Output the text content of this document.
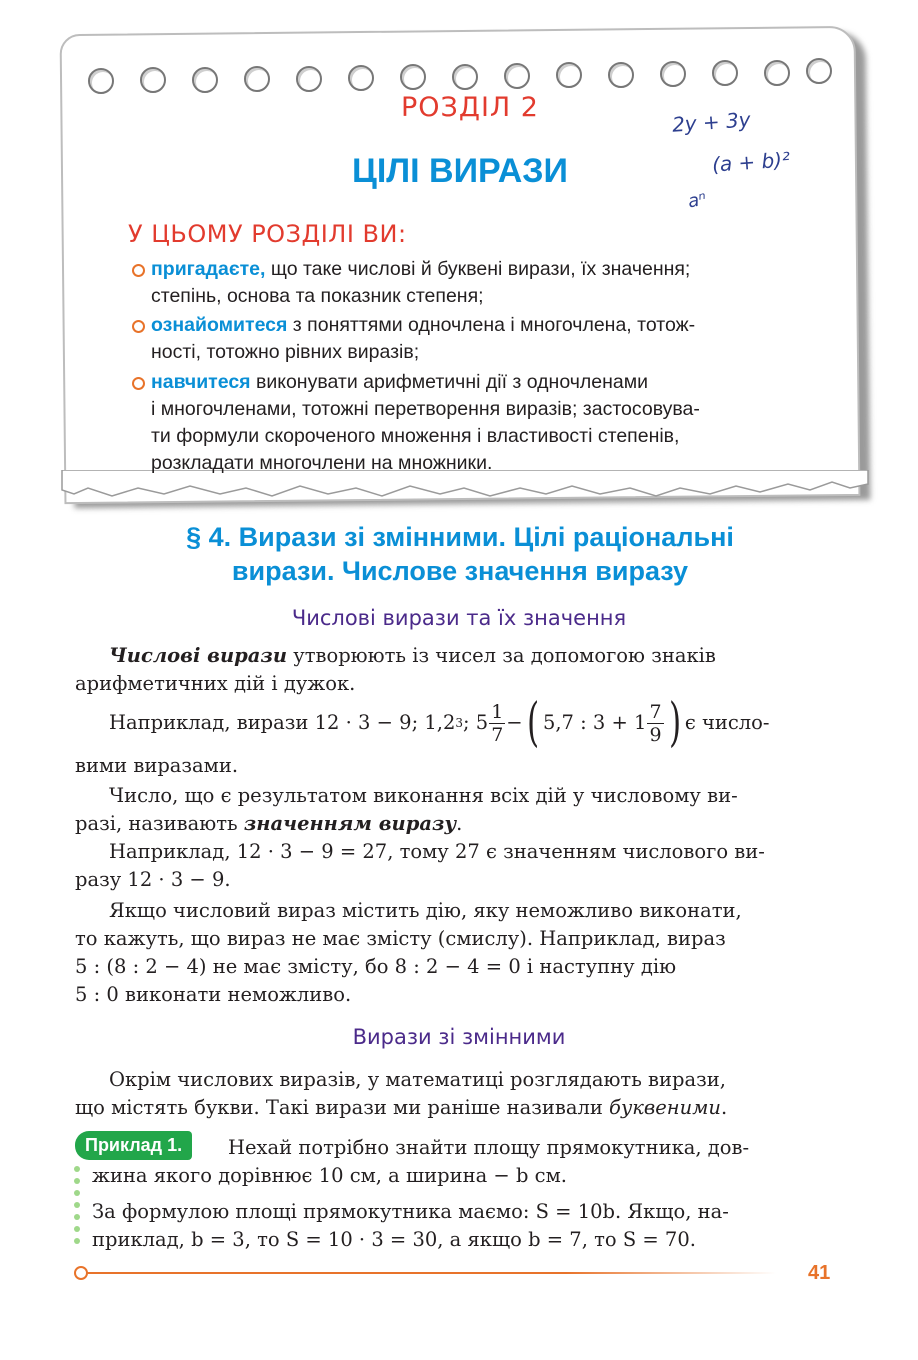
РОЗДІЛ 2
ЦІЛІ ВИРАЗИ
2y + 3y
(a + b)²
aⁿ
У ЦЬОМУ РОЗДІЛІ ВИ:
пригадаєте, що таке числові й буквені вирази, їх значення;
степінь, основа та показник степеня;
ознайомитеся з поняттями одночлена і многочлена, тотож-
ності, тотожно рівних виразів;
навчитеся виконувати арифметичні дії з одночленами
і многочленами, тотожні перетворення виразів; застосовува-
ти формули скороченого множення і властивості степенів,
розкладати многочлени на множники.
§ 4. Вирази зі змінними. Цілі раціональні
вирази. Числове значення виразу
Числові вирази та їх значення
Числові вирази утворюють із чисел за допомогою знаків
арифметичних дій і дужок.
Наприклад, вирази 12 · 3 − 9; 1,2 3 ; $5 \frac{1}{7}$ − ( 5,7 : $3 + 1 \frac{7}{9}$ ) є число-
вими виразами.
Число, що є результатом виконання всіх дій у числовому ви-
разі, називають значенням виразу.
Наприклад, 12 · 3 − 9 = 27, тому 27 є значенням числового ви-
разу 12 · 3 − 9.
Якщо числовий вираз містить дію, яку неможливо виконати,
то кажуть, що вираз не має змісту (смислу). Наприклад, вираз
5 : (8 : 2 − 4) не має змісту, бо 8 : 2 − 4 = 0 і наступну дію
5 : 0 виконати неможливо.
Вирази зі змінними
Окрім числових виразів, у математиці розглядають вирази,
що містять букви. Такі вирази ми раніше називали буквеними.
Приклад 1.	Нехай потрібно знайти площу прямокутника, дов-
жина якого дорівнює 10 см, а ширина − b см.
За формулою площі прямокутника маємо: S = 10b. Якщо, на-
приклад, b = 3, то S = 10 · 3 = 30, а якщо b = 7, то S = 70.
41
